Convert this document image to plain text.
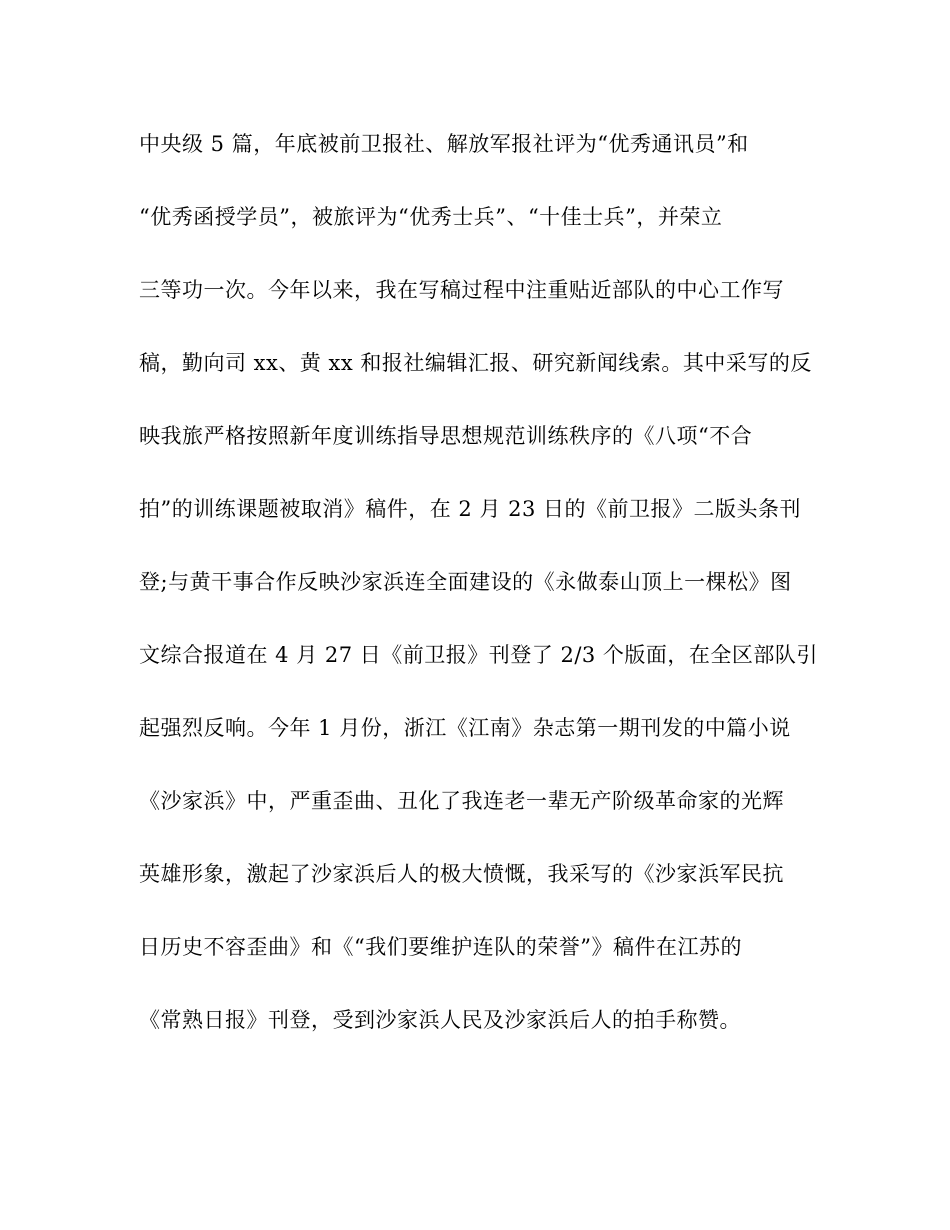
中央级 5 篇，年底被前卫报社、解放军报社评为“优秀通讯员”和
“优秀函授学员”，被旅评为“优秀士兵”、“十佳士兵”，并荣立
三等功一次。今年以来，我在写稿过程中注重贴近部队的中心工作写
稿，勤向司 xx、黄 xx 和报社编辑汇报、研究新闻线索。其中采写的反
映我旅严格按照新年度训练指导思想规范训练秩序的《八项“不合
拍”的训练课题被取消》稿件，在 2 月 23 日的《前卫报》二版头条刊
登;与黄干事合作反映沙家浜连全面建设的《永做泰山顶上一棵松》图
文综合报道在 4 月 27 日《前卫报》刊登了 2/3 个版面，在全区部队引
起强烈反响。今年 1 月份，浙江《江南》杂志第一期刊发的中篇小说
《沙家浜》中，严重歪曲、丑化了我连老一辈无产阶级革命家的光辉
英雄形象，激起了沙家浜后人的极大愤慨，我采写的《沙家浜军民抗
日历史不容歪曲》和《“我们要维护连队的荣誉”》稿件在江苏的
《常熟日报》刊登，受到沙家浜人民及沙家浜后人的拍手称赞。
